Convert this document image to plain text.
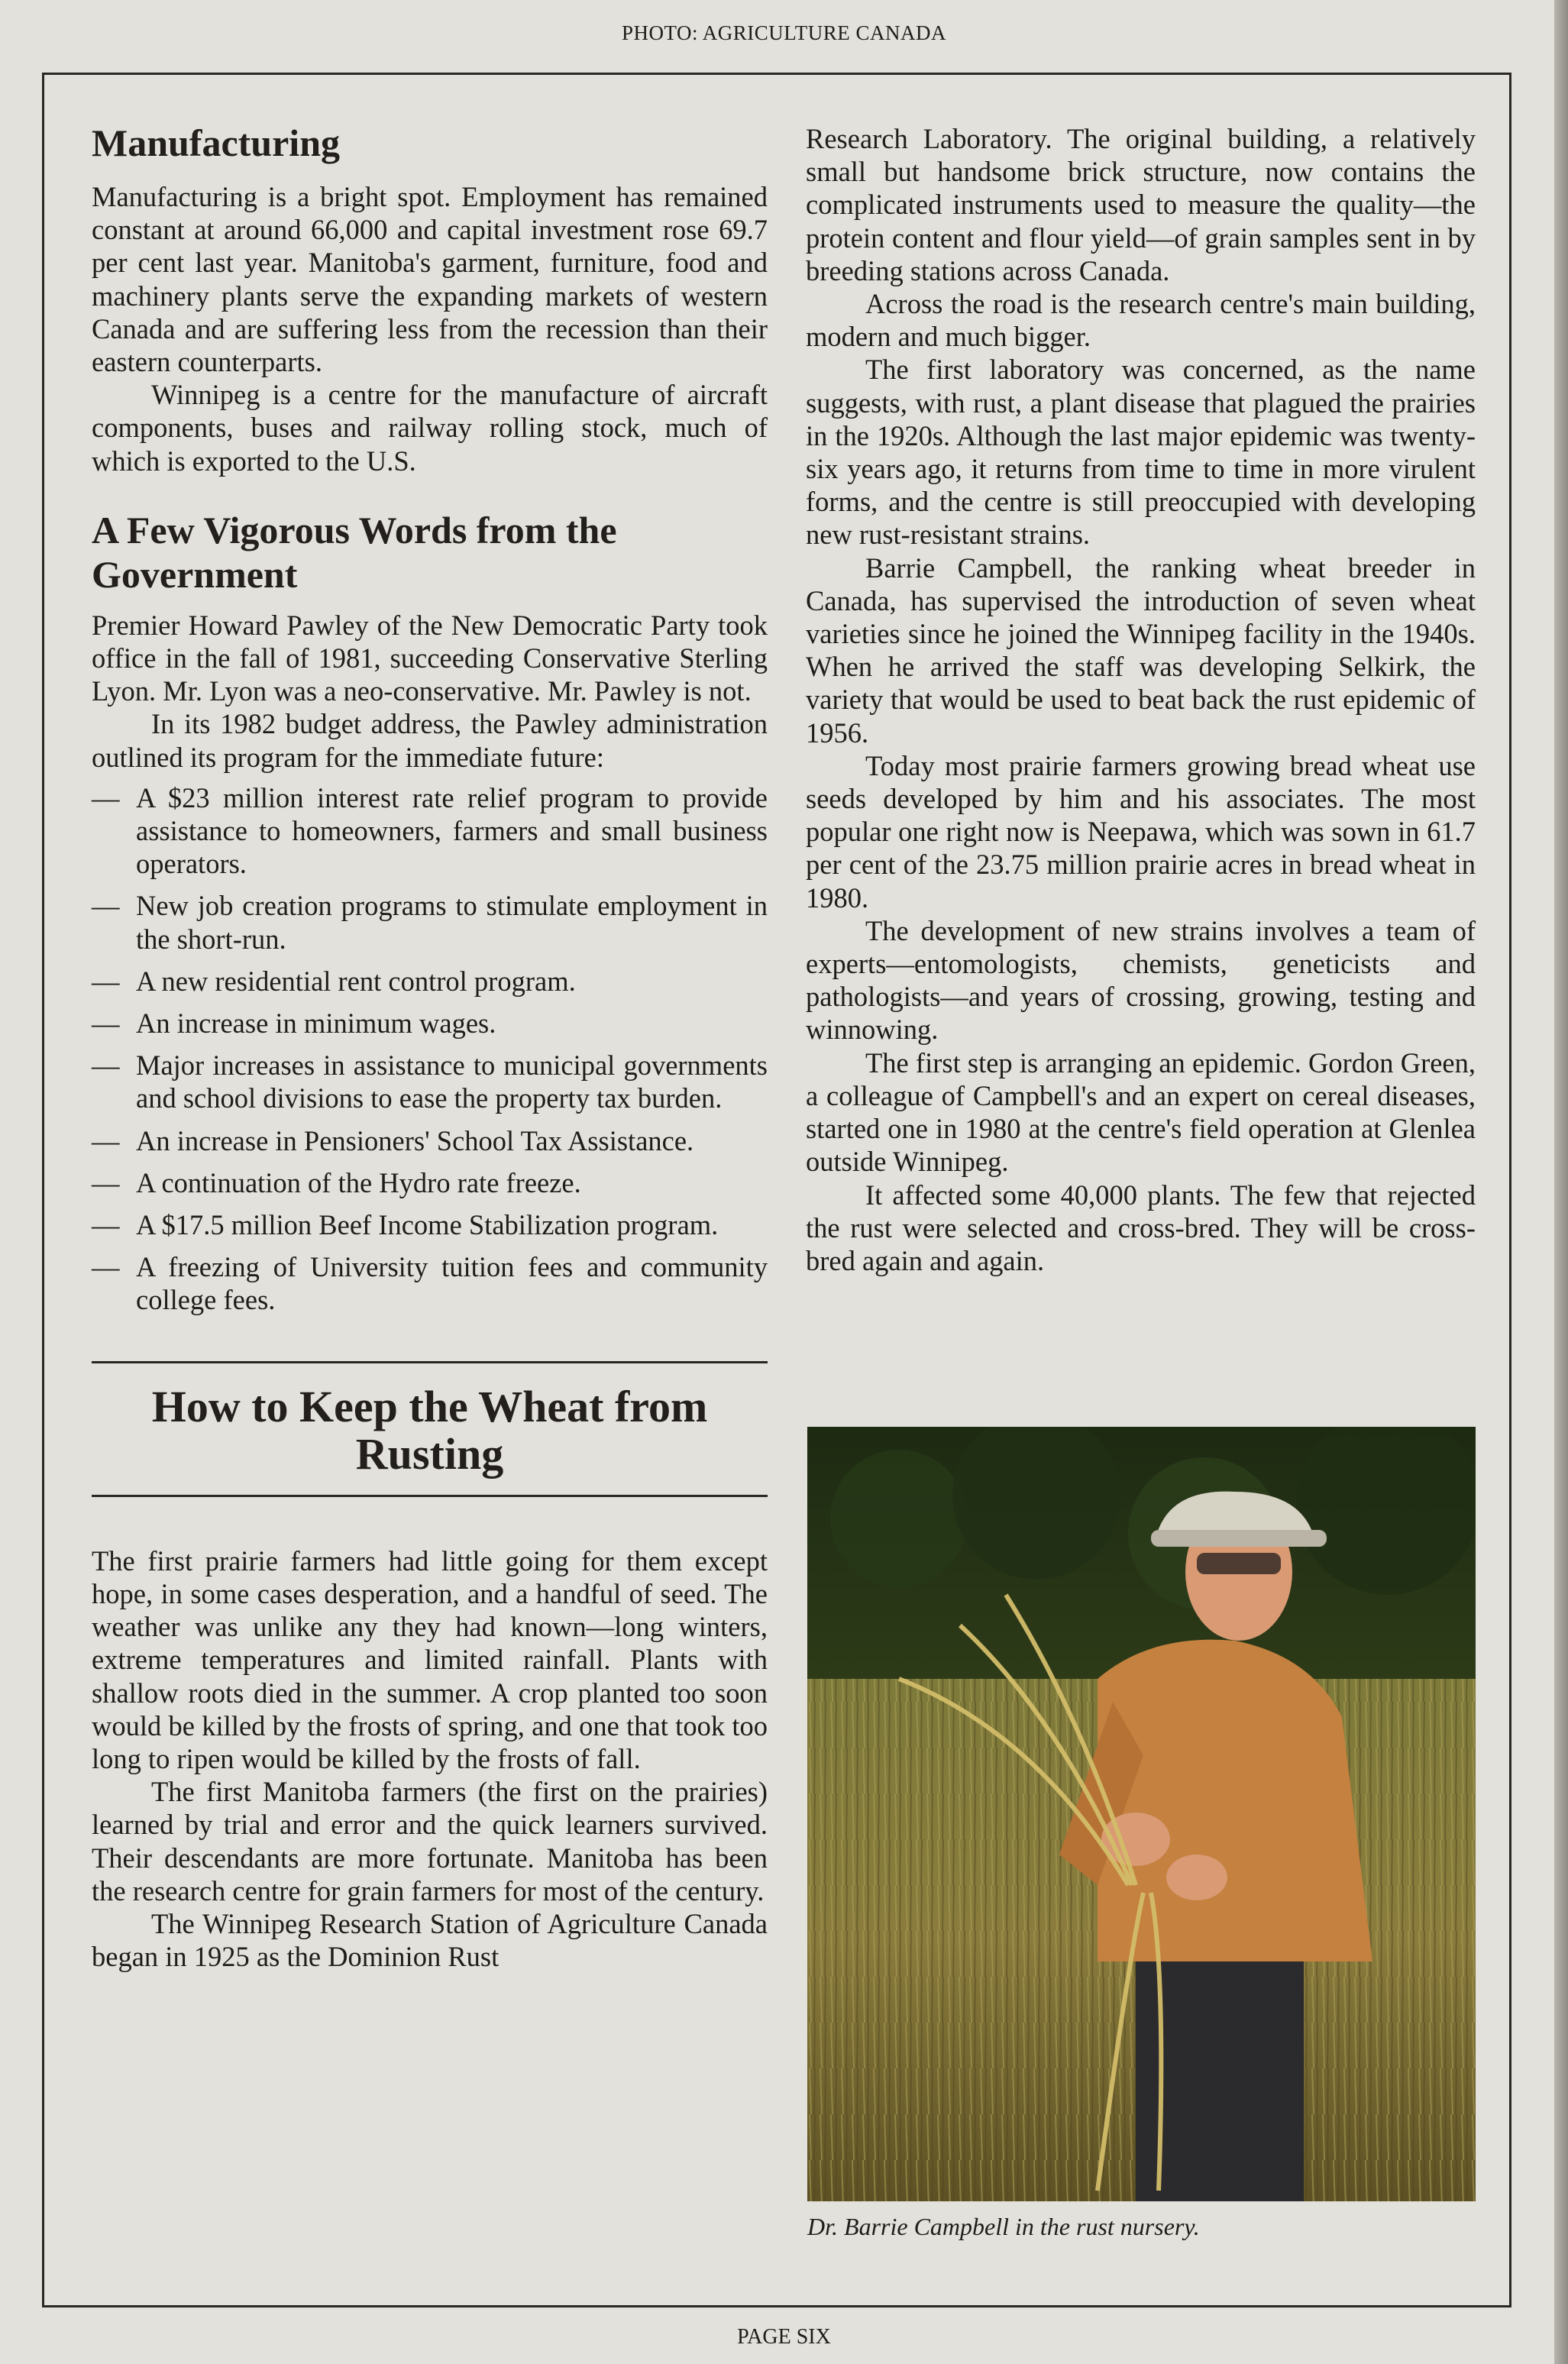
PHOTO: AGRICULTURE CANADA
Manufacturing

Manufacturing is a bright spot. Employment has remained constant at around 66,000 and capital investment rose 69.7 per cent last year. Manitoba's garment, furniture, food and machinery plants serve the expanding markets of western Canada and are suffering less from the recession than their eastern counterparts.

Winnipeg is a centre for the manufacture of aircraft components, buses and railway rolling stock, much of which is exported to the U.S.

A Few Vigorous Words from the Government

Premier Howard Pawley of the New Democratic Party took office in the fall of 1981, succeeding Conservative Sterling Lyon. Mr. Lyon was a neo-conservative. Mr. Pawley is not.

In its 1982 budget address, the Pawley administration outlined its program for the immediate future:

— A $23 million interest rate relief program to provide assistance to homeowners, farmers and small business operators.
— New job creation programs to stimulate employment in the short-run.
— A new residential rent control program.
— An increase in minimum wages.
— Major increases in assistance to municipal governments and school divisions to ease the property tax burden.
— An increase in Pensioners' School Tax Assistance.
— A continuation of the Hydro rate freeze.
— A $17.5 million Beef Income Stabilization program.
— A freezing of University tuition fees and community college fees.
How to Keep the Wheat from Rusting

The first prairie farmers had little going for them except hope, in some cases desperation, and a handful of seed. The weather was unlike any they had known—long winters, extreme temperatures and limited rainfall. Plants with shallow roots died in the summer. A crop planted too soon would be killed by the frosts of spring, and one that took too long to ripen would be killed by the frosts of fall.

The first Manitoba farmers (the first on the prairies) learned by trial and error and the quick learners survived. Their descendants are more fortunate. Manitoba has been the research centre for grain farmers for most of the century.

The Winnipeg Research Station of Agriculture Canada began in 1925 as the Dominion Rust

Research Laboratory. The original building, a relatively small but handsome brick structure, now contains the complicated instruments used to measure the quality—the protein content and flour yield—of grain samples sent in by breeding stations across Canada.

Across the road is the research centre's main building, modern and much bigger.

The first laboratory was concerned, as the name suggests, with rust, a plant disease that plagued the prairies in the 1920s. Although the last major epidemic was twenty-six years ago, it returns from time to time in more virulent forms, and the centre is still preoccupied with developing new rust-resistant strains.

Barrie Campbell, the ranking wheat breeder in Canada, has supervised the introduction of seven wheat varieties since he joined the Winnipeg facility in the 1940s. When he arrived the staff was developing Selkirk, the variety that would be used to beat back the rust epidemic of 1956.

Today most prairie farmers growing bread wheat use seeds developed by him and his associates. The most popular one right now is Neepawa, which was sown in 61.7 per cent of the 23.75 million prairie acres in bread wheat in 1980.

The development of new strains involves a team of experts—entomologists, chemists, geneticists and pathologists—and years of crossing, growing, testing and winnowing.

The first step is arranging an epidemic. Gordon Green, a colleague of Campbell's and an expert on cereal diseases, started one in 1980 at the centre's field operation at Glenlea outside Winnipeg.

It affected some 40,000 plants. The few that rejected the rust were selected and cross-bred. They will be cross-bred again and again.

Dr. Barrie Campbell in the rust nursery.
PAGE SIX
